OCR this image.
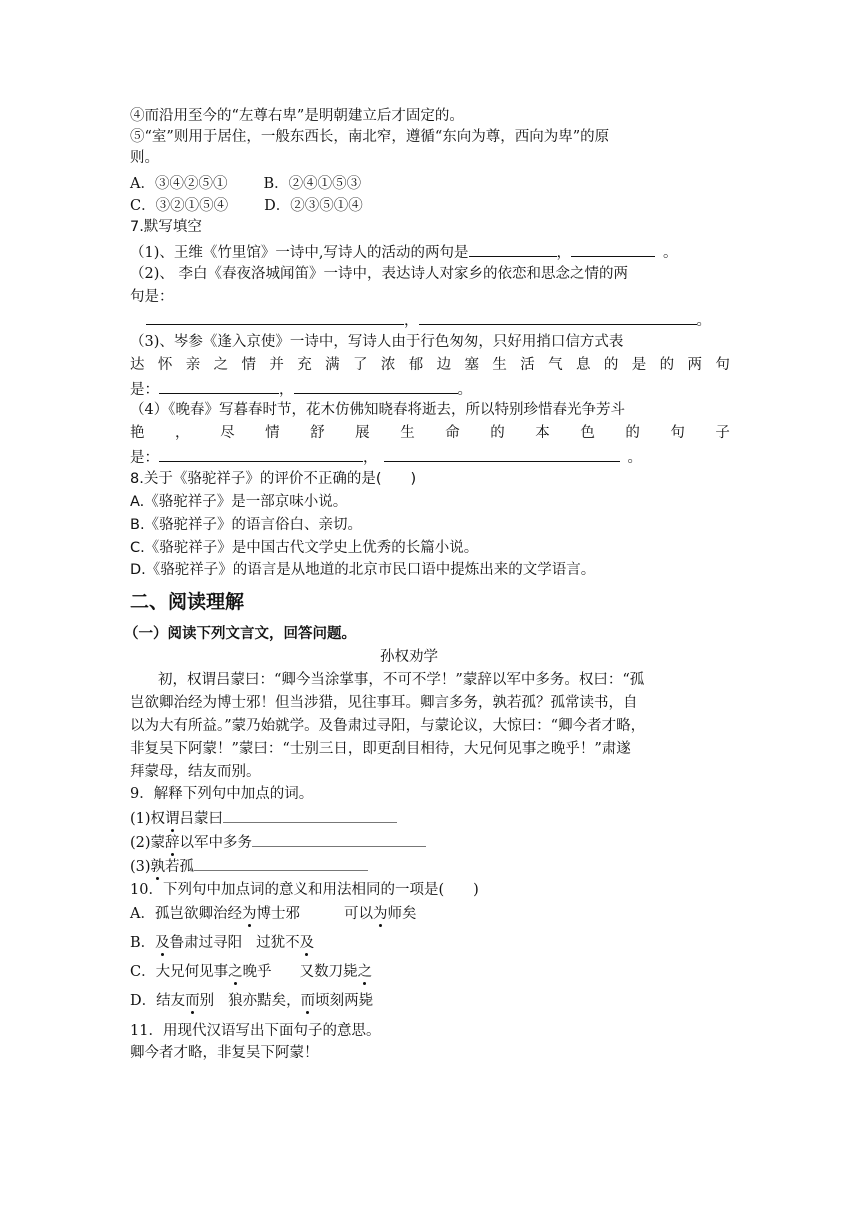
④而沿用至今的“左尊右卑”是明朝建立后才固定的。
⑤“室”则用于居住，一般东西长，南北窄，遵循“东向为尊，西向为卑”的原
则。
A．③④②⑤① B．②④①⑤③
C．③②①⑤④ D．②③⑤①④
7.默写填空
（1)、王维《竹里馆》一诗中,写诗人的活动的两句是	，	。
（2)、 李白《春夜洛城闻笛》一诗中，表达诗人对家乡的依恋和思念之情的两
句是：
，	。
（3)、岑参《逢入京使》一诗中，写诗人由于行色匆匆，只好用捎口信方式表
达 怀 亲 之 情 并 充 满 了 浓 郁 边 塞 生 活 气 息 的 是 的 两 句
是：	，	。
（4）《晚春》写暮春时节，花木仿佛知晓春将逝去，所以特别珍惜春光争芳斗
艳 ， 尽 情 舒 展 生 命 的 本 色 的 句 子
是：	，	。
8.关于《骆驼祥子》的评价不正确的是(　　)
A.《骆驼祥子》是一部京味小说。
B.《骆驼祥子》的语言俗白、亲切。
C.《骆驼祥子》是中国古代文学史上优秀的长篇小说。
D.《骆驼祥子》的语言是从地道的北京市民口语中提炼出来的文学语言。
二、阅读理解
（一）阅读下列文言文，回答问题。
孙权劝学
初，权谓吕蒙曰：“卿今当涂掌事，不可不学！”蒙辞以军中多务。权曰：“孤
岂欲卿治经为博士邪！但当涉猎，见往事耳。卿言多务，孰若孤？孤常读书，自
以为大有所益。”蒙乃始就学。及鲁肃过寻阳，与蒙论议，大惊曰：“卿今者才略，
非复吴下阿蒙！”蒙曰：“士别三日，即更刮目相待，大兄何见事之晚乎！”肃遂
拜蒙母，结友而别。
9．解释下列句中加点的词。
(1)权谓吕蒙曰
(2)蒙辞以军中多务
(3)孰若孤
10．下列句中加点词的意义和用法相同的一项是(　　)
A．孤岂欲卿治经为博士邪	可以为师矣
B．及鲁肃过寻阳 过犹不及
C．大兄何见事之晚乎 又数刀毙之
D．结友而别 狼亦黠矣，而顷刻两毙
11．用现代汉语写出下面句子的意思。
卿今者才略，非复吴下阿蒙！
